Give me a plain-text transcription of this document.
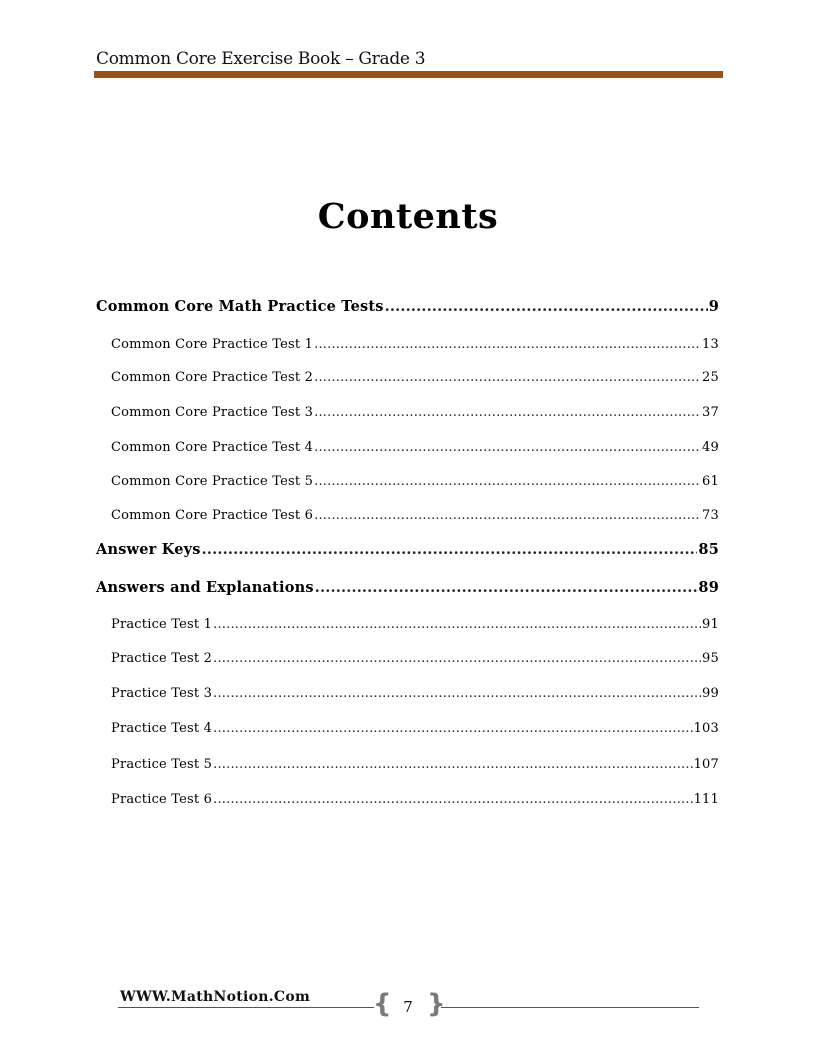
Common Core Exercise Book – Grade 3
Contents
Common Core Math Practice Tests .....	9
Common Core Practice Test 1 .....	13
Common Core Practice Test 2 .....	25
Common Core Practice Test 3 .....	37
Common Core Practice Test 4 .....	49
Common Core Practice Test 5 .....	61
Common Core Practice Test 6 .....	73
Answer Keys .....	85
Answers and Explanations .....	89
Practice Test 1 .....	91
Practice Test 2 .....	95
Practice Test 3 .....	99
Practice Test 4 .....	103
Practice Test 5 .....	107
Practice Test 6 .....	111
WWW.MathNotion.Com { }
7
